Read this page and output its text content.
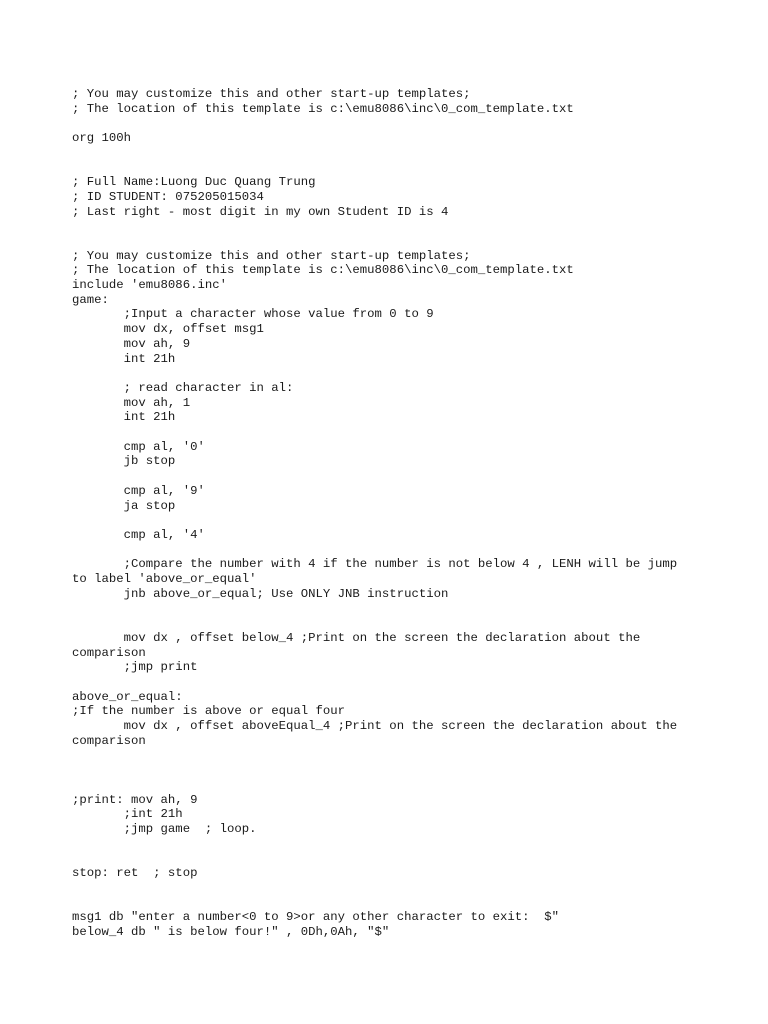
; You may customize this and other start-up templates;
; The location of this template is c:\emu8086\inc\0_com_template.txt
org 100h
; Full Name:Luong Duc Quang Trung
; ID STUDENT: 075205015034
; Last right - most digit in my own Student ID is 4
; You may customize this and other start-up templates;
; The location of this template is c:\emu8086\inc\0_com_template.txt
include 'emu8086.inc'
game:
;Input a character whose value from 0 to 9
mov dx, offset msg1
mov ah, 9
int 21h
; read character in al:
mov ah, 1
int 21h
cmp al, '0'
jb stop
cmp al, '9'
ja stop
cmp al, '4'
;Compare the number with 4 if the number is not below 4 , LENH will be jump to label 'above_or_equal'
jnb above_or_equal; Use ONLY JNB instruction
mov dx , offset below_4 ;Print on the screen the declaration about the comparison
;jmp print
above_or_equal:
;If the number is above or equal four
mov dx , offset aboveEqual_4 ;Print on the screen the declaration about the comparison
;print: mov ah, 9
;int 21h
;jmp game  ; loop.
stop: ret  ; stop
msg1 db "enter a number<0 to 9>or any other character to exit:  $"
below_4 db " is below four!" , 0Dh,0Ah, "$"
